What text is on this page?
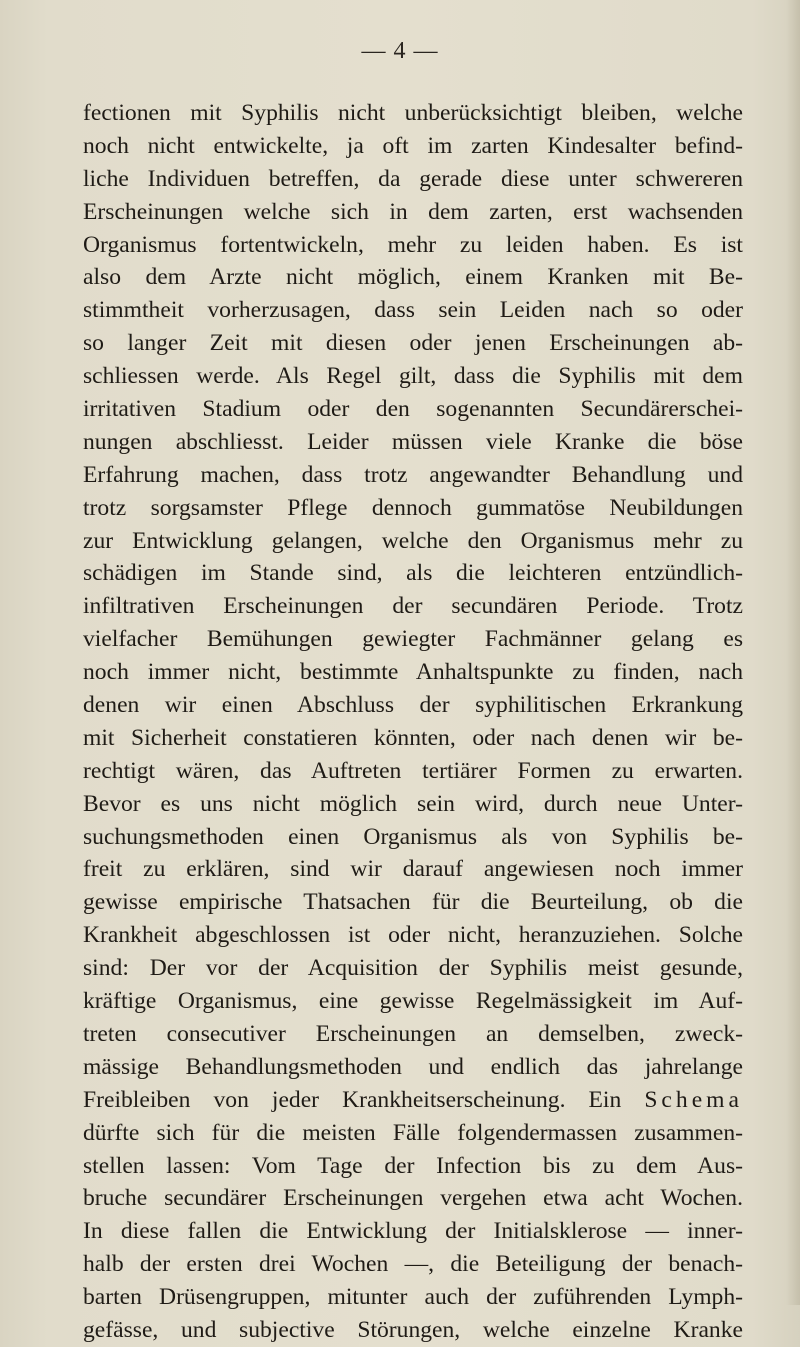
— 4 —
fectionen mit Syphilis nicht unberücksichtigt bleiben, welche
noch nicht entwickelte, ja oft im zarten Kindesalter befind-
liche Individuen betreffen, da gerade diese unter schwereren
Erscheinungen welche sich in dem zarten, erst wachsenden
Organismus fortentwickeln, mehr zu leiden haben. Es ist
also dem Arzte nicht möglich, einem Kranken mit Be-
stimmtheit vorherzusagen, dass sein Leiden nach so oder
so langer Zeit mit diesen oder jenen Erscheinungen ab-
schliessen werde. Als Regel gilt, dass die Syphilis mit dem
irritativen Stadium oder den sogenannten Secundärerschei-
nungen abschliesst. Leider müssen viele Kranke die böse
Erfahrung machen, dass trotz angewandter Behandlung und
trotz sorgsamster Pflege dennoch gummatöse Neubildungen
zur Entwicklung gelangen, welche den Organismus mehr zu
schädigen im Stande sind, als die leichteren entzündlich-
infiltrativen Erscheinungen der secundären Periode. Trotz
vielfacher Bemühungen gewiegter Fachmänner gelang es
noch immer nicht, bestimmte Anhaltspunkte zu finden, nach
denen wir einen Abschluss der syphilitischen Erkrankung
mit Sicherheit constatieren könnten, oder nach denen wir be-
rechtigt wären, das Auftreten tertiärer Formen zu erwarten.
Bevor es uns nicht möglich sein wird, durch neue Unter-
suchungsmethoden einen Organismus als von Syphilis be-
freit zu erklären, sind wir darauf angewiesen noch immer
gewisse empirische Thatsachen für die Beurteilung, ob die
Krankheit abgeschlossen ist oder nicht, heranzuziehen. Solche
sind: Der vor der Acquisition der Syphilis meist gesunde,
kräftige Organismus, eine gewisse Regelmässigkeit im Auf-
treten consecutiver Erscheinungen an demselben, zweck-
mässige Behandlungsmethoden und endlich das jahrelange
Freibleiben von jeder Krankheitserscheinung. Ein Schema
dürfte sich für die meisten Fälle folgendermassen zusammen-
stellen lassen: Vom Tage der Infection bis zu dem Aus-
bruche secundärer Erscheinungen vergehen etwa acht Wochen.
In diese fallen die Entwicklung der Initialsklerose — inner-
halb der ersten drei Wochen —, die Beteiligung der benach-
barten Drüsengruppen, mitunter auch der zuführenden Lymph-
gefässe, und subjective Störungen, welche einzelne Kranke
